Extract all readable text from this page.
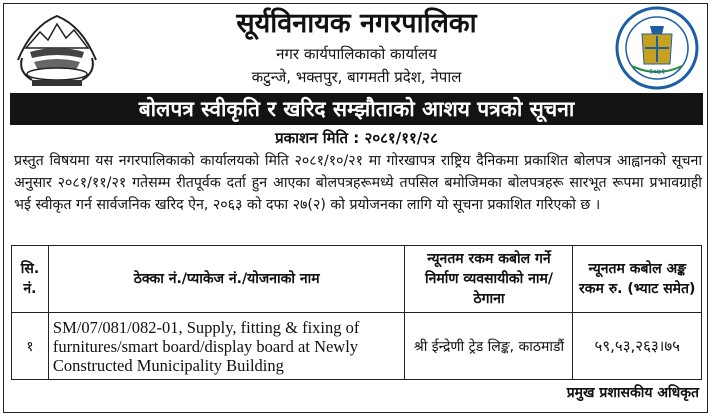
२०७१
सूर्यविनायक नगरपालिका
नगर कार्यपालिकाको कार्यालय
कटुन्जे, भक्तपुर, बागमती प्रदेश, नेपाल
बोलपत्र स्वीकृति र खरिद सम्झौताको आशय पत्रको सूचना
प्रकाशन मिति : २०८१/११/२८
प्रस्तुत विषयमा यस नगरपालिकाको कार्यालयको मिति २०८१/१०/२१ मा गोरखापत्र राष्ट्रिय दैनिकमा प्रकाशित बोलपत्र आह्वानको सूचना अनुसार २०८१/११/२१ गतेसम्म रीतपूर्वक दर्ता हुन आएका बोलपत्रहरूमध्ये तपसिल बमोजिमका बोलपत्रहरू सारभूत रूपमा प्रभावग्राही भई स्वीकृत गर्न सार्वजनिक खरिद ऐन, २०६३ को दफा २७(२) को प्रयोजनका लागि यो सूचना प्रकाशित गरिएको छ ।
सि. नं.	ठेक्का नं./प्याकेज नं./योजनाको नाम	न्यूनतम रकम कबोल गर्ने निर्माण व्यवसायीको नाम/ठेगाना	न्यूनतम कबोल अङ्क रकम रु. (भ्याट समेत)
१	SM/07/081/082-01, Supply, fitting & fixing of furnitures/smart board/display board at Newly Constructed Municipality Building	श्री ईन्द्रेणी ट्रेड लिङ्क, काठमाडौं	५९,५३,२६३।७५
प्रमुख प्रशासकीय अधिकृत
